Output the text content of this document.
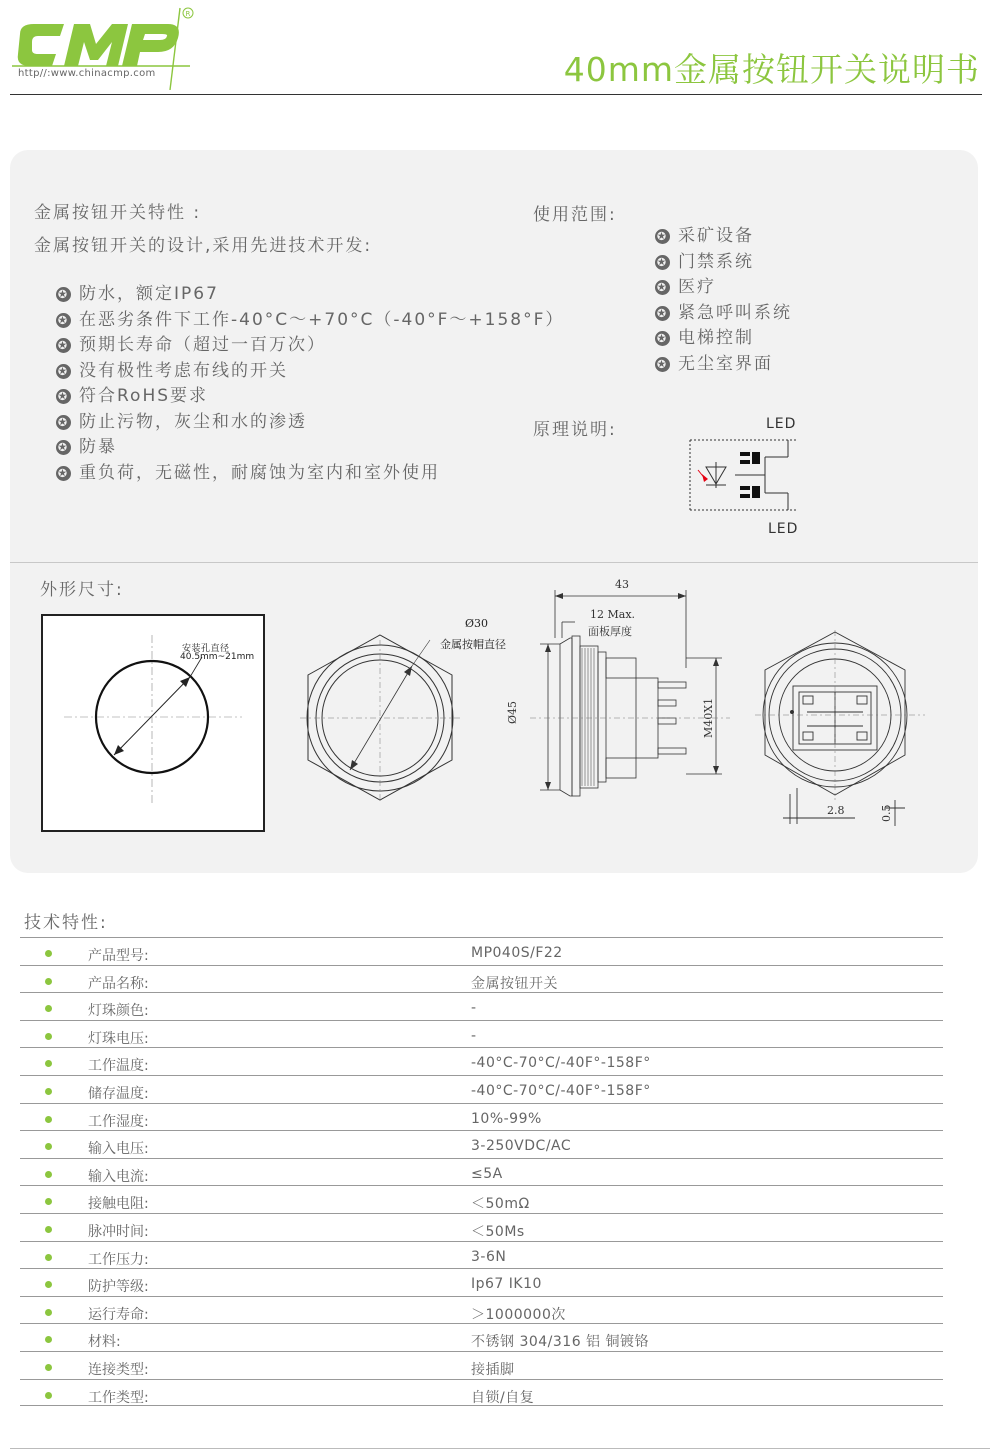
R
http//:www.chinacmp.com	40mm金属按钮开关说明书
金属按钮开关特性 :
金属按钮开关的设计,采用先进技术开发:
✪ 防水，额定IP67
✪ 在恶劣条件下工作-40°C～+70°C（-40°F～+158°F）
✪ 预期长寿命（超过一百万次）
✪ 没有极性考虑布线的开关
✪ 符合RoHS要求
✪ 防止污物，灰尘和水的渗透
✪ 防暴
✪ 重负荷，无磁性，耐腐蚀为室内和室外使用
使用范围:
✪ 采矿设备
✪ 门禁系统
✪ 医疗
✪ 紧急呼叫系统
✪ 电梯控制
✪ 无尘室界面
原理说明:	LED
LED
外形尺寸:
安装孔直径
40.5mm~21mm
Ø30
金属按帽直径
43
12 Max.
面板厚度
Ø45	M40X1
2.8	0.5
技术特性:
产品型号:	MP040S/F22
产品名称:	金属按钮开关
灯珠颜色:	-
灯珠电压:	-
工作温度:	-40°C-70°C/-40F°-158F°
储存温度:	-40°C-70°C/-40F°-158F°
工作湿度:	10%-99%
输入电压:	3-250VDC/AC
输入电流:	≤5A
接触电阻:	＜50mΩ
脉冲时间:	＜50Ms
工作压力:	3-6N
防护等级:	Ip67 IK10
运行寿命:	＞1000000次
材料:	不锈钢 304/316 铝 铜镀铬
连接类型:	接插脚
工作类型:	自锁/自复
